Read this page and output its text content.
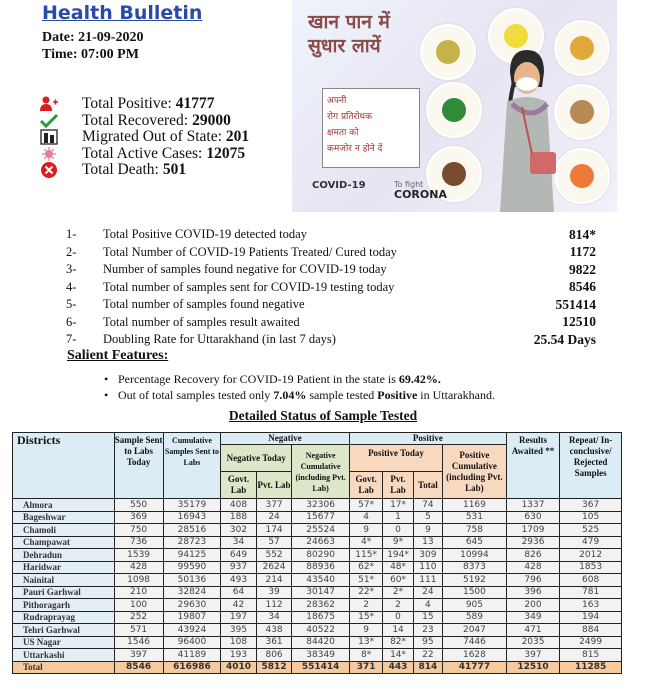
Health Bulletin
Date: 21-09-2020
Time: 07:00 PM
Total Positive: 41777
Total Recovered: 29000
Migrated Out of State: 201
Total Active Cases: 12075
Total Death: 501
खान पान में
सुधार लायें
अपनी
रोग प्रतिरोधक
क्षमता को
कमजोर न होने दें
COVID-19	To fight
CORONA
1-	Total Positive COVID-19 detected today	814*
2-	Total Number of COVID-19 Patients Treated/ Cured today	1172
3-	Number of samples found negative for COVID-19 today	9822
4-	Total number of samples sent for COVID-19 testing today	8546
5-	Total number of samples found negative	551414
6-	Total number of samples result awaited	12510
7-	Doubling Rate for Uttarakhand (in last 7 days)	25.54 Days
Salient Features:
• Percentage Recovery for COVID-19 Patient in the state is 69.42%.
• Out of total samples tested only 7.04% sample tested Positive in Uttarakhand.
Detailed Status of Sample Tested
Districts	Sample Sent to Labs Today	Cumulative Samples Sent to Labs	Negative			Positive				Results Awaited **	Repeat/ In-conclusive/ Rejected Samples
			Negative Today		Negative Cumulative (including Pvt. Lab)	Positive Today			Positive Cumulative (including Pvt. Lab)		
			Govt. Lab	Pvt. Lab		Govt. Lab	Pvt. Lab	Total			
Almora	550	35179	408	377	32306	57*	17*	74	1169	1337	367
Bageshwar	369	16943	188	24	15677	4	1	5	531	630	105
Chamoli	750	28516	302	174	25524	9	0	9	758	1709	525
Champawat	736	28723	34	57	24663	4*	9*	13	645	2936	479
Dehradun	1539	94125	649	552	80290	115*	194*	309	10994	826	2012
Haridwar	428	99590	937	2624	88936	62*	48*	110	8373	428	1853
Nainital	1098	50136	493	214	43540	51*	60*	111	5192	796	608
Pauri Garhwal	210	32824	64	39	30147	22*	2*	24	1500	396	781
Pithoragarh	100	29630	42	112	28362	2	2	4	905	200	163
Rudraprayag	252	19807	197	34	18675	15*	0	15	589	349	194
Tehri Garhwal	571	43924	395	438	40522	9	14	23	2047	471	884
US Nagar	1546	96400	108	361	84420	13*	82*	95	7446	2035	2499
Uttarkashi	397	41189	193	806	38349	8*	14*	22	1628	397	815
Total	8546	616986	4010	5812	551414	371	443	814	41777	12510	11285
